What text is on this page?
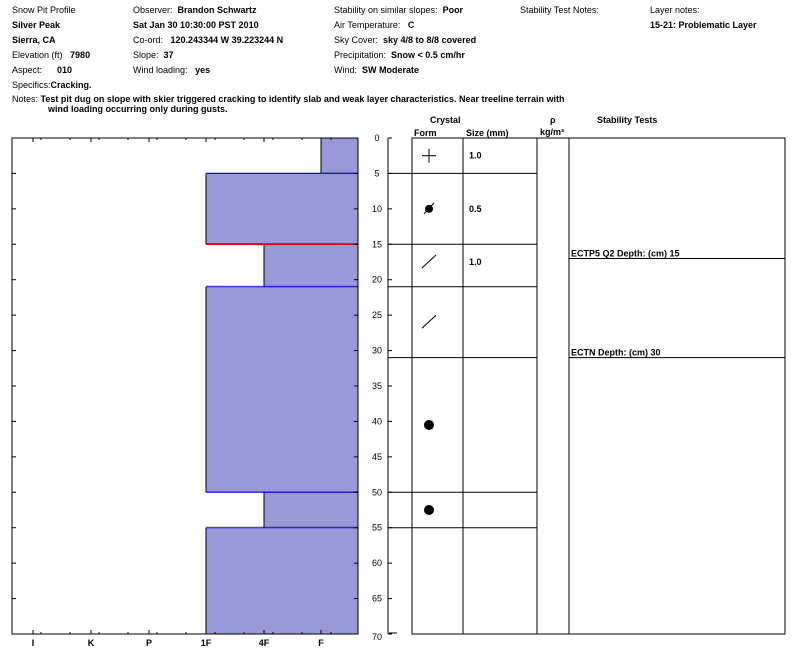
Snow Pit Profile
Silver Peak
Sierra, CA
Elevation (ft) 7980
Aspect: 010
Specifics:Cracking.
Observer: Brandon Schwartz
Sat Jan 30 10:30:00 PST 2010
Co-ord: 120.243344 W 39.223244 N
Slope: 37
Wind loading: yes
Stability on similar slopes: Poor
Air Temperature: C
Sky Cover: sky 4/8 to 8/8 covered
Precipitation: Snow < 0.5 cm/hr
Wind: SW Moderate
Stability Test Notes:	Layer notes:
15-21: Problematic Layer
Notes: Test pit dug on slope with skier triggered cracking to identify slab and weak layer characteristics. Near treeline terrain with
wind loading occurring only during gusts.
Crystal
Form	Size (mm)
ρ
kg/m³
Stability Tests
0
5
10
15
20
25
30
35
40
45
50
55
60
65
70
I	K	P	1F	4F	F
1.0
0.5
1.0
ECTP5 Q2 Depth: (cm) 15
ECTN Depth: (cm) 30
